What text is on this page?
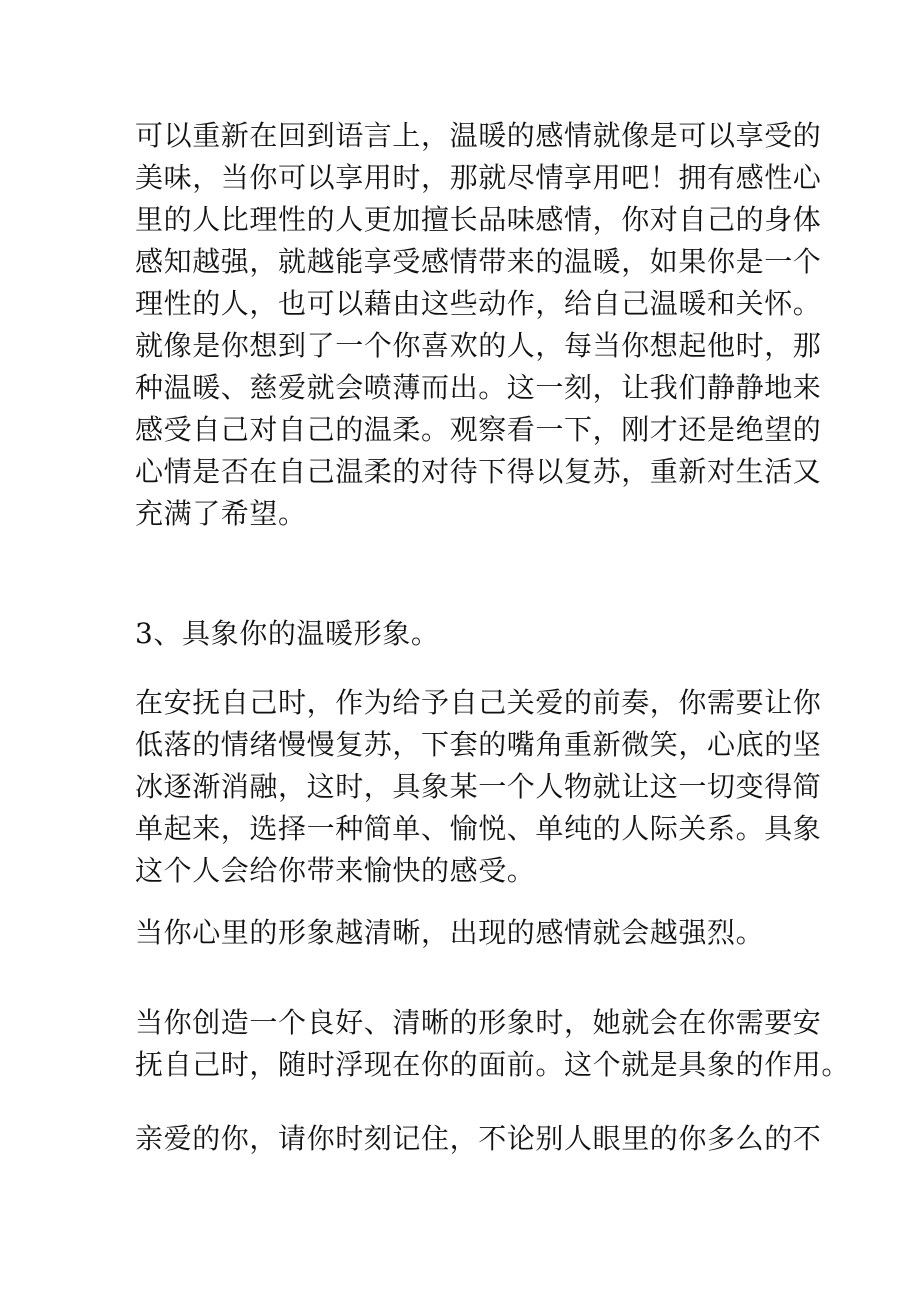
可以重新在回到语言上，温暖的感情就像是可以享受的
美味，当你可以享用时，那就尽情享用吧！拥有感性心
里的人比理性的人更加擅长品味感情，你对自己的身体
感知越强，就越能享受感情带来的温暖，如果你是一个
理性的人，也可以藉由这些动作，给自己温暖和关怀。
就像是你想到了一个你喜欢的人，每当你想起他时，那
种温暖、慈爱就会喷薄而出。这一刻，让我们静静地来
感受自己对自己的温柔。观察看一下，刚才还是绝望的
心情是否在自己温柔的对待下得以复苏，重新对生活又
充满了希望。
3、具象你的温暖形象。
在安抚自己时，作为给予自己关爱的前奏，你需要让你
低落的情绪慢慢复苏，下套的嘴角重新微笑，心底的坚
冰逐渐消融，这时，具象某一个人物就让这一切变得简
单起来，选择一种简单、愉悦、单纯的人际关系。具象
这个人会给你带来愉快的感受。
当你心里的形象越清晰，出现的感情就会越强烈。
当你创造一个良好、清晰的形象时，她就会在你需要安
抚自己时，随时浮现在你的面前。这个就是具象的作用。
亲爱的你，请你时刻记住，不论别人眼里的你多么的不
